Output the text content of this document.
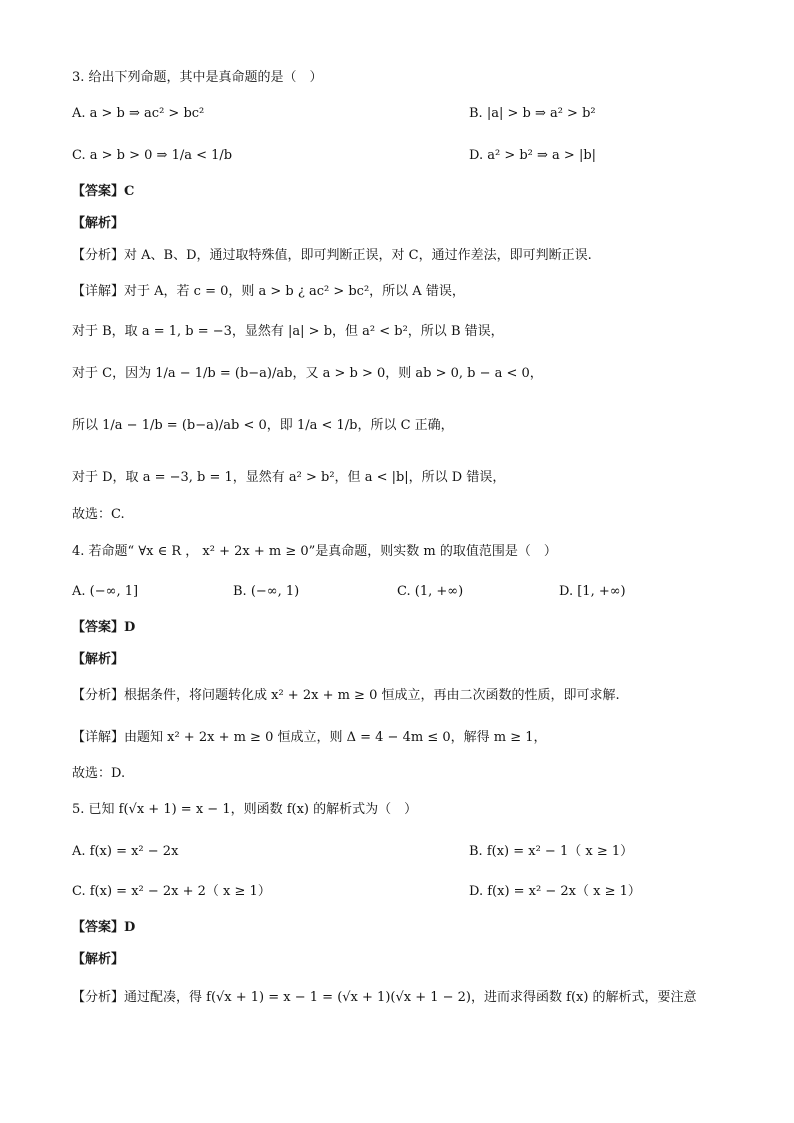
3. 给出下列命题，其中是真命题的是（　）
A. a > b ⇒ ac² > bc²	B. |a| > b ⇒ a² > b²
C. a > b > 0 ⇒ 1/a < 1/b	D. a² > b² ⇒ a > |b|
【答案】C
【解析】
【分析】对 A、B、D，通过取特殊值，即可判断正误，对 C，通过作差法，即可判断正误.
【详解】对于 A，若 c = 0，则 a > b ¿ ac² > bc²，所以 A 错误，
对于 B，取 a = 1, b = −3，显然有 |a| > b，但 a² < b²，所以 B 错误，
对于 C，因为 1/a − 1/b = (b−a)/ab，又 a > b > 0，则 ab > 0, b − a < 0，
所以 1/a − 1/b = (b−a)/ab < 0，即 1/a < 1/b，所以 C 正确，
对于 D，取 a = −3, b = 1，显然有 a² > b²，但 a < |b|，所以 D 错误，
故选：C.
4. 若命题“ ∀x ∈ R ， x² + 2x + m ≥ 0”是真命题，则实数 m 的取值范围是（　）
A. (−∞, 1]	B. (−∞, 1)	C. (1, +∞)	D. [1, +∞)
【答案】D
【解析】
【分析】根据条件，将问题转化成 x² + 2x + m ≥ 0 恒成立，再由二次函数的性质，即可求解.
【详解】由题知 x² + 2x + m ≥ 0 恒成立，则 Δ = 4 − 4m ≤ 0，解得 m ≥ 1，
故选：D.
5. 已知 f(√x + 1) = x − 1，则函数 f(x) 的解析式为（　）
A. f(x) = x² − 2x	B. f(x) = x² − 1（ x ≥ 1）
C. f(x) = x² − 2x + 2（ x ≥ 1）	D. f(x) = x² − 2x（ x ≥ 1）
【答案】D
【解析】
【分析】通过配凑，得 f(√x + 1) = x − 1 = (√x + 1)(√x + 1 − 2)，进而求得函数 f(x) 的解析式，要注意
